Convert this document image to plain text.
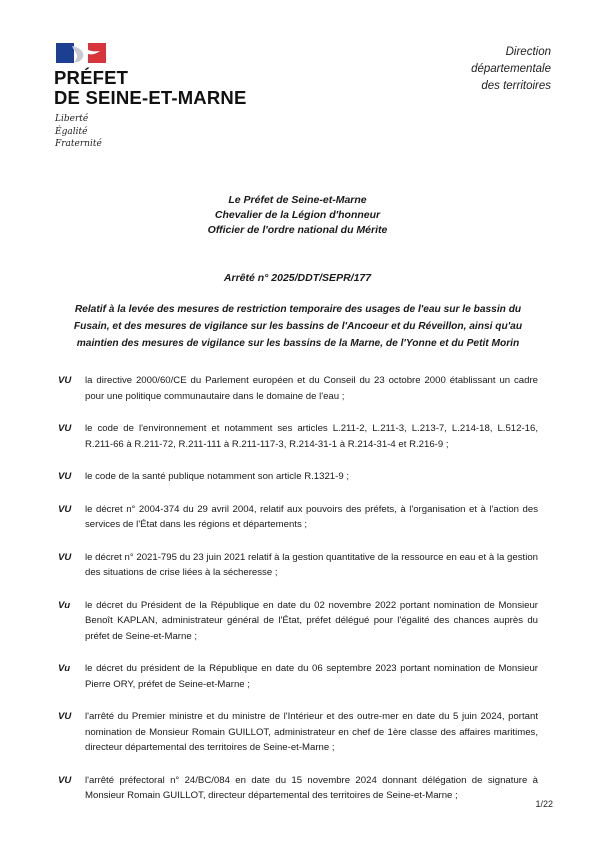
PRÉFET
DE SEINE-ET-MARNE
Liberté
Égalité
Fraternité
Direction
départementale
des territoires
Le Préfet de Seine-et-Marne
Chevalier de la Légion d'honneur
Officier de l'ordre national du Mérite
Arrêté n° 2025/DDT/SEPR/177
Relatif à la levée des mesures de restriction temporaire des usages de l'eau sur le bassin du Fusain, et des mesures de vigilance sur les bassins de l'Ancoeur et du Réveillon, ainsi qu'au maintien des mesures de vigilance sur les bassins de la Marne, de l'Yonne et du Petit Morin
VU	la directive 2000/60/CE du Parlement européen et du Conseil du 23 octobre 2000 établissant un cadre pour une politique communautaire dans le domaine de l'eau ;
VU	le code de l'environnement et notamment ses articles L.211-2, L.211-3, L.213-7, L.214-18, L.512-16, R.211-66 à R.211-72, R.211-111 à R.211-117-3, R.214-31-1 à R.214-31-4 et R.216-9 ;
VU	le code de la santé publique notamment son article R.1321-9 ;
VU	le décret n° 2004-374 du 29 avril 2004, relatif aux pouvoirs des préfets, à l'organisation et à l'action des services de l'État dans les régions et départements ;
VU	le décret n° 2021-795 du 23 juin 2021 relatif à la gestion quantitative de la ressource en eau et à la gestion des situations de crise liées à la sécheresse ;
Vu	le décret du Président de la République en date du 02 novembre 2022 portant nomination de Monsieur Benoît KAPLAN, administrateur général de l'État, préfet délégué pour l'égalité des chances auprès du préfet de Seine-et-Marne ;
Vu	le décret du président de la République en date du 06 septembre 2023 portant nomination de Monsieur Pierre ORY, préfet de Seine-et-Marne ;
VU	l'arrêté du Premier ministre et du ministre de l'Intérieur et des outre-mer en date du 5 juin 2024, portant nomination de Monsieur Romain GUILLOT, administrateur en chef de 1ère classe des affaires maritimes, directeur départemental des territoires de Seine-et-Marne ;
VU	l'arrêté préfectoral n° 24/BC/084 en date du 15 novembre 2024 donnant délégation de signature à Monsieur Romain GUILLOT, directeur départemental des territoires de Seine-et-Marne ;
1/22
